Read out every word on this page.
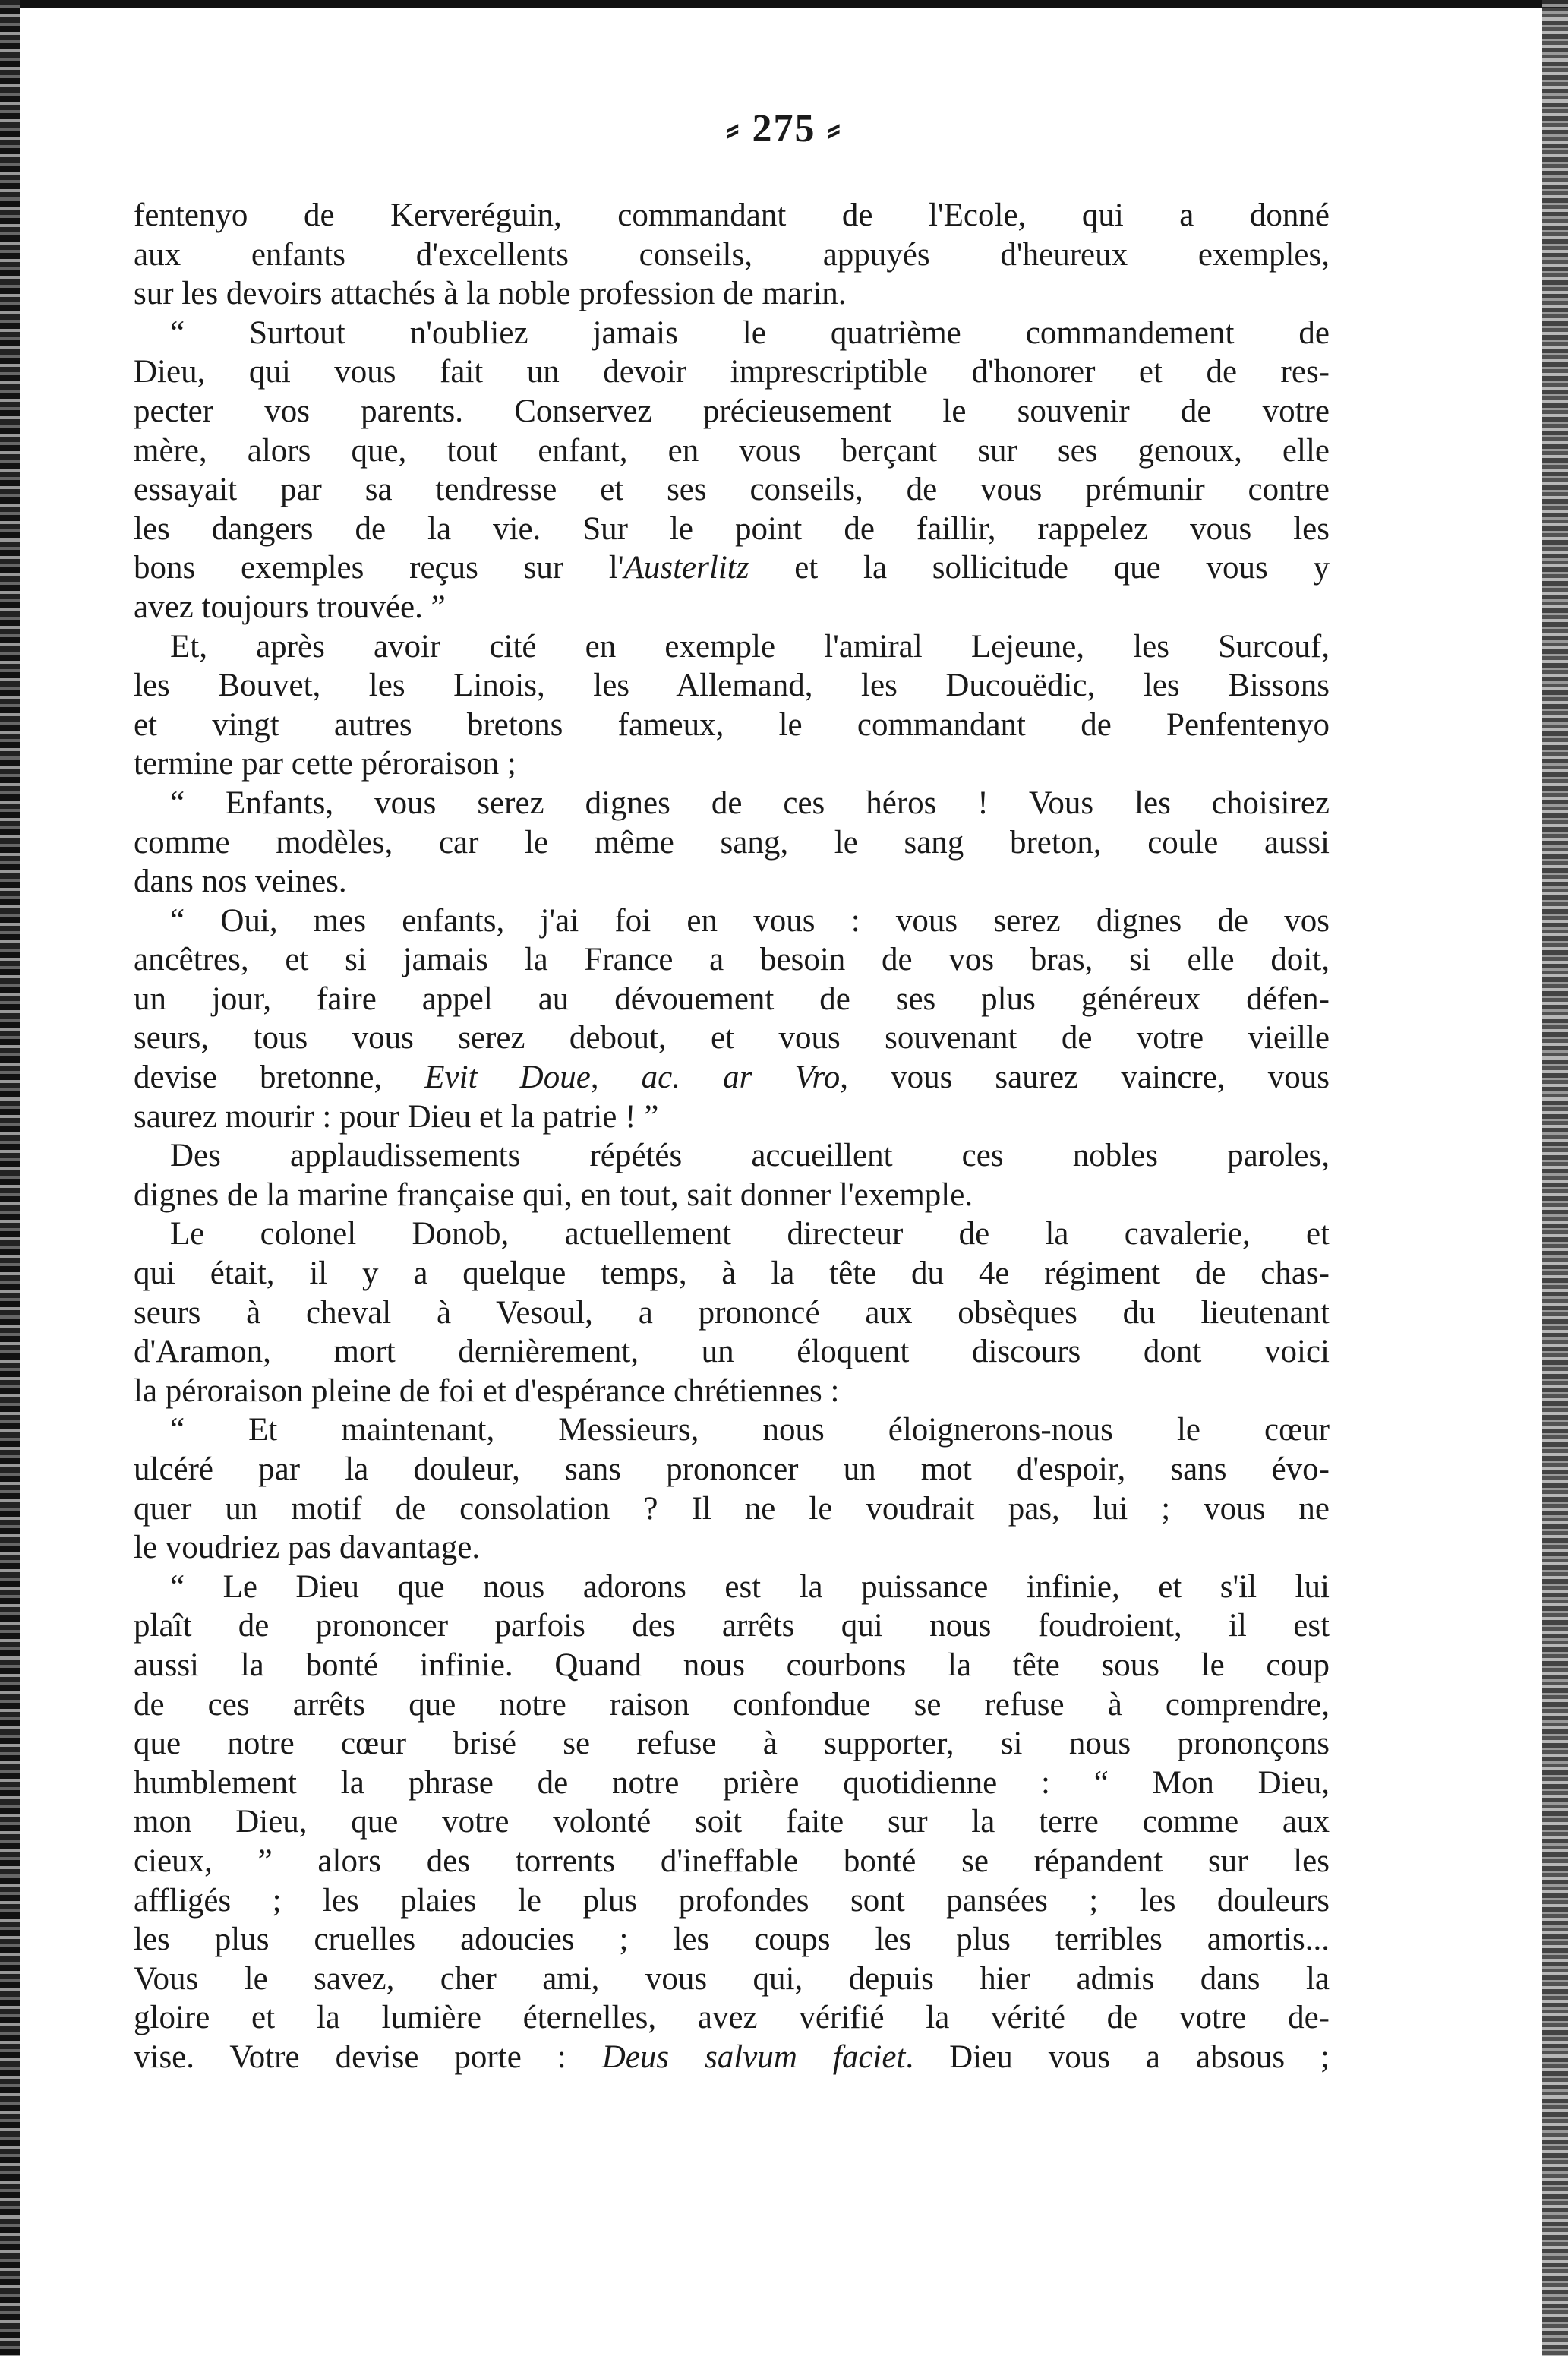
⸗ 275 ⸗
fentenyo de Kerveréguin, commandant de l'Ecole, qui a donné
aux enfants d'excellents conseils, appuyés d'heureux exemples,
sur les devoirs attachés à la noble profession de marin.
“ Surtout n'oubliez jamais le quatrième commandement de
Dieu, qui vous fait un devoir imprescriptible d'honorer et de res-
pecter vos parents. Conservez précieusement le souvenir de votre
mère, alors que, tout enfant, en vous berçant sur ses genoux, elle
essayait par sa tendresse et ses conseils, de vous prémunir contre
les dangers de la vie. Sur le point de faillir, rappelez vous les
bons exemples reçus sur l'Austerlitz et la sollicitude que vous y
avez toujours trouvée. ”
Et, après avoir cité en exemple l'amiral Lejeune, les Surcouf,
les Bouvet, les Linois, les Allemand, les Ducouëdic, les Bissons
et vingt autres bretons fameux, le commandant de Penfentenyo
termine par cette péroraison ;
“ Enfants, vous serez dignes de ces héros ! Vous les choisirez
comme modèles, car le même sang, le sang breton, coule aussi
dans nos veines.
“ Oui, mes enfants, j'ai foi en vous : vous serez dignes de vos
ancêtres, et si jamais la France a besoin de vos bras, si elle doit,
un jour, faire appel au dévouement de ses plus généreux défen-
seurs, tous vous serez debout, et vous souvenant de votre vieille
devise bretonne, Evit Doue, ac. ar Vro, vous saurez vaincre, vous
saurez mourir : pour Dieu et la patrie ! ”
Des applaudissements répétés accueillent ces nobles paroles,
dignes de la marine française qui, en tout, sait donner l'exemple.
Le colonel Donob, actuellement directeur de la cavalerie, et
qui était, il y a quelque temps, à la tête du 4e régiment de chas-
seurs à cheval à Vesoul, a prononcé aux obsèques du lieutenant
d'Aramon, mort dernièrement, un éloquent discours dont voici
la péroraison pleine de foi et d'espérance chrétiennes :
“ Et maintenant, Messieurs, nous éloignerons-nous le cœur
ulcéré par la douleur, sans prononcer un mot d'espoir, sans évo-
quer un motif de consolation ? Il ne le voudrait pas, lui ; vous ne
le voudriez pas davantage.
“ Le Dieu que nous adorons est la puissance infinie, et s'il lui
plaît de prononcer parfois des arrêts qui nous foudroient, il est
aussi la bonté infinie. Quand nous courbons la tête sous le coup
de ces arrêts que notre raison confondue se refuse à comprendre,
que notre cœur brisé se refuse à supporter, si nous prononçons
humblement la phrase de notre prière quotidienne : “ Mon Dieu,
mon Dieu, que votre volonté soit faite sur la terre comme aux
cieux, ” alors des torrents d'ineffable bonté se répandent sur les
affligés ; les plaies le plus profondes sont pansées ; les douleurs
les plus cruelles adoucies ; les coups les plus terribles amortis...
Vous le savez, cher ami, vous qui, depuis hier admis dans la
gloire et la lumière éternelles, avez vérifié la vérité de votre de-
vise. Votre devise porte : Deus salvum faciet. Dieu vous a absous ;
